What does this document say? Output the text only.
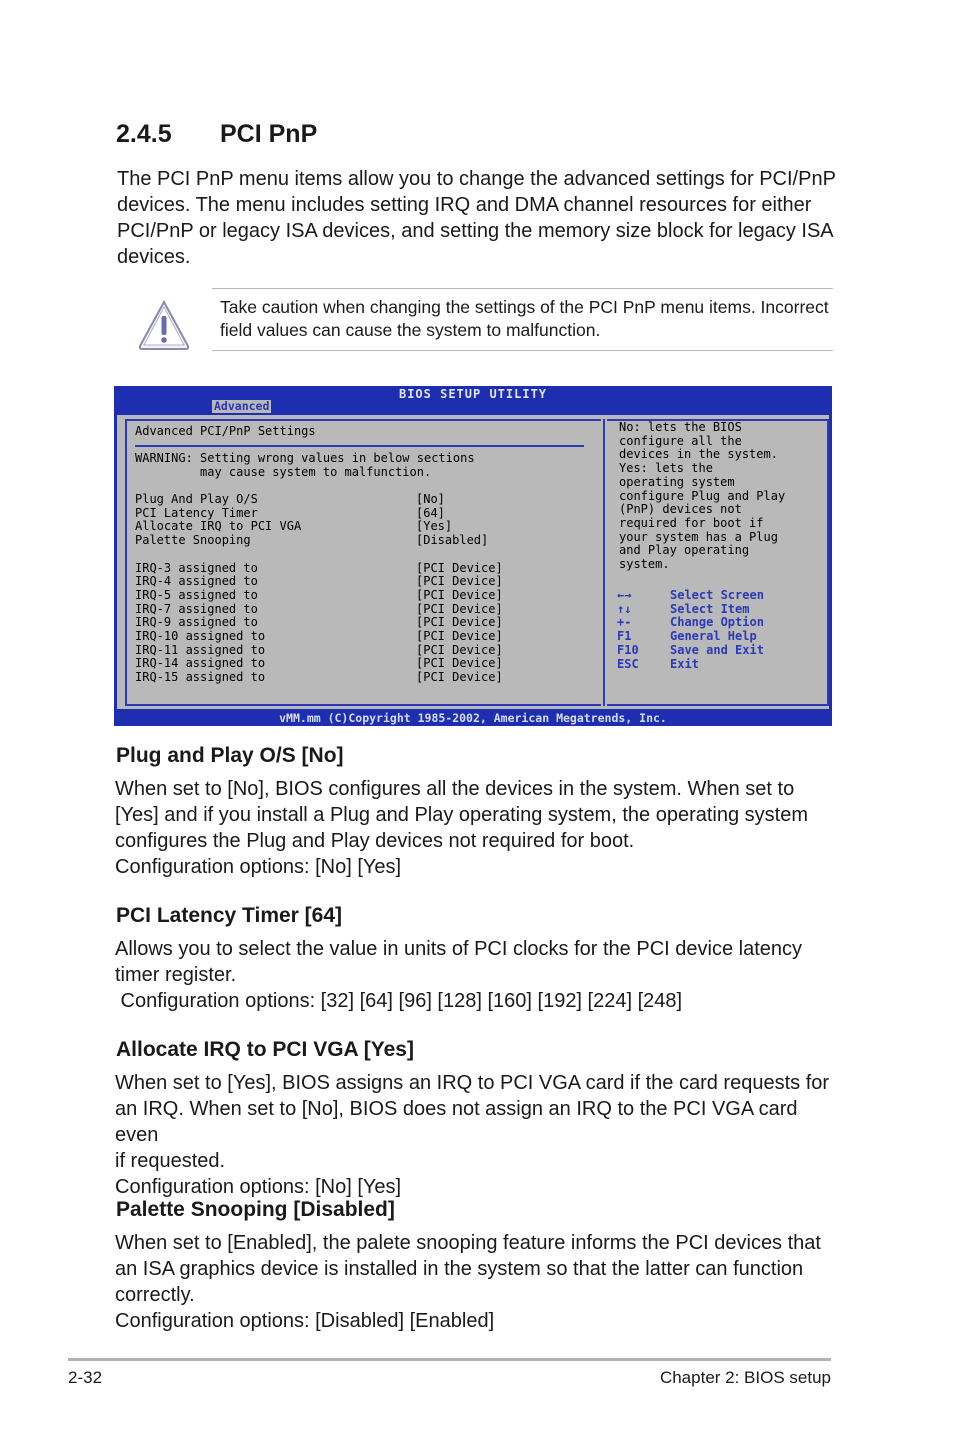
2.4.5 PCI PnP

The PCI PnP menu items allow you to change the advanced settings for PCI/PnP
devices. The menu includes setting IRQ and DMA channel resources for either
PCI/PnP or legacy ISA devices, and setting the memory size block for legacy ISA
devices.

Take caution when changing the settings of the PCI PnP menu items. Incorrect
field values can cause the system to malfunction.

BIOS SETUP UTILITY
Advanced
Advanced PCI/PnP Settings
WARNING: Setting wrong values in below sections
may cause system to malfunction.
Plug And Play O/S	[No]
PCI Latency Timer	[64]
Allocate IRQ to PCI VGA	[Yes]
Palette Snooping	[Disabled]
IRQ-3 assigned to	[PCI Device]
IRQ-4 assigned to	[PCI Device]
IRQ-5 assigned to	[PCI Device]
IRQ-7 assigned to	[PCI Device]
IRQ-9 assigned to	[PCI Device]
IRQ-10 assigned to	[PCI Device]
IRQ-11 assigned to	[PCI Device]
IRQ-14 assigned to	[PCI Device]
IRQ-15 assigned to	[PCI Device]
No: lets the BIOS
configure all the
devices in the system.
Yes: lets the
operating system
configure Plug and Play
(PnP) devices not
required for boot if
your system has a Plug
and Play operating
system.
←→	Select Screen
↑↓	Select Item
+-	Change Option
F1	General Help
F10	Save and Exit
ESC	Exit
vMM.mm (C)Copyright 1985-2002, American Megatrends, Inc.
Plug and Play O/S [No]

When set to [No], BIOS configures all the devices in the system. When set to
[Yes] and if you install a Plug and Play operating system, the operating system
configures the Plug and Play devices not required for boot.
Configuration options: [No] [Yes]

PCI Latency Timer [64]

Allows you to select the value in units of PCI clocks for the PCI device latency
timer register.
Configuration options: [32] [64] [96] [128] [160] [192] [224] [248]

Allocate IRQ to PCI VGA [Yes]

When set to [Yes], BIOS assigns an IRQ to PCI VGA card if the card requests for
an IRQ. When set to [No], BIOS does not assign an IRQ to the PCI VGA card even
if requested.
Configuration options: [No] [Yes]

Palette Snooping [Disabled]

When set to [Enabled], the palete snooping feature informs the PCI devices that
an ISA graphics device is installed in the system so that the latter can function
correctly.
Configuration options: [Disabled] [Enabled]

2-32	Chapter 2: BIOS setup
